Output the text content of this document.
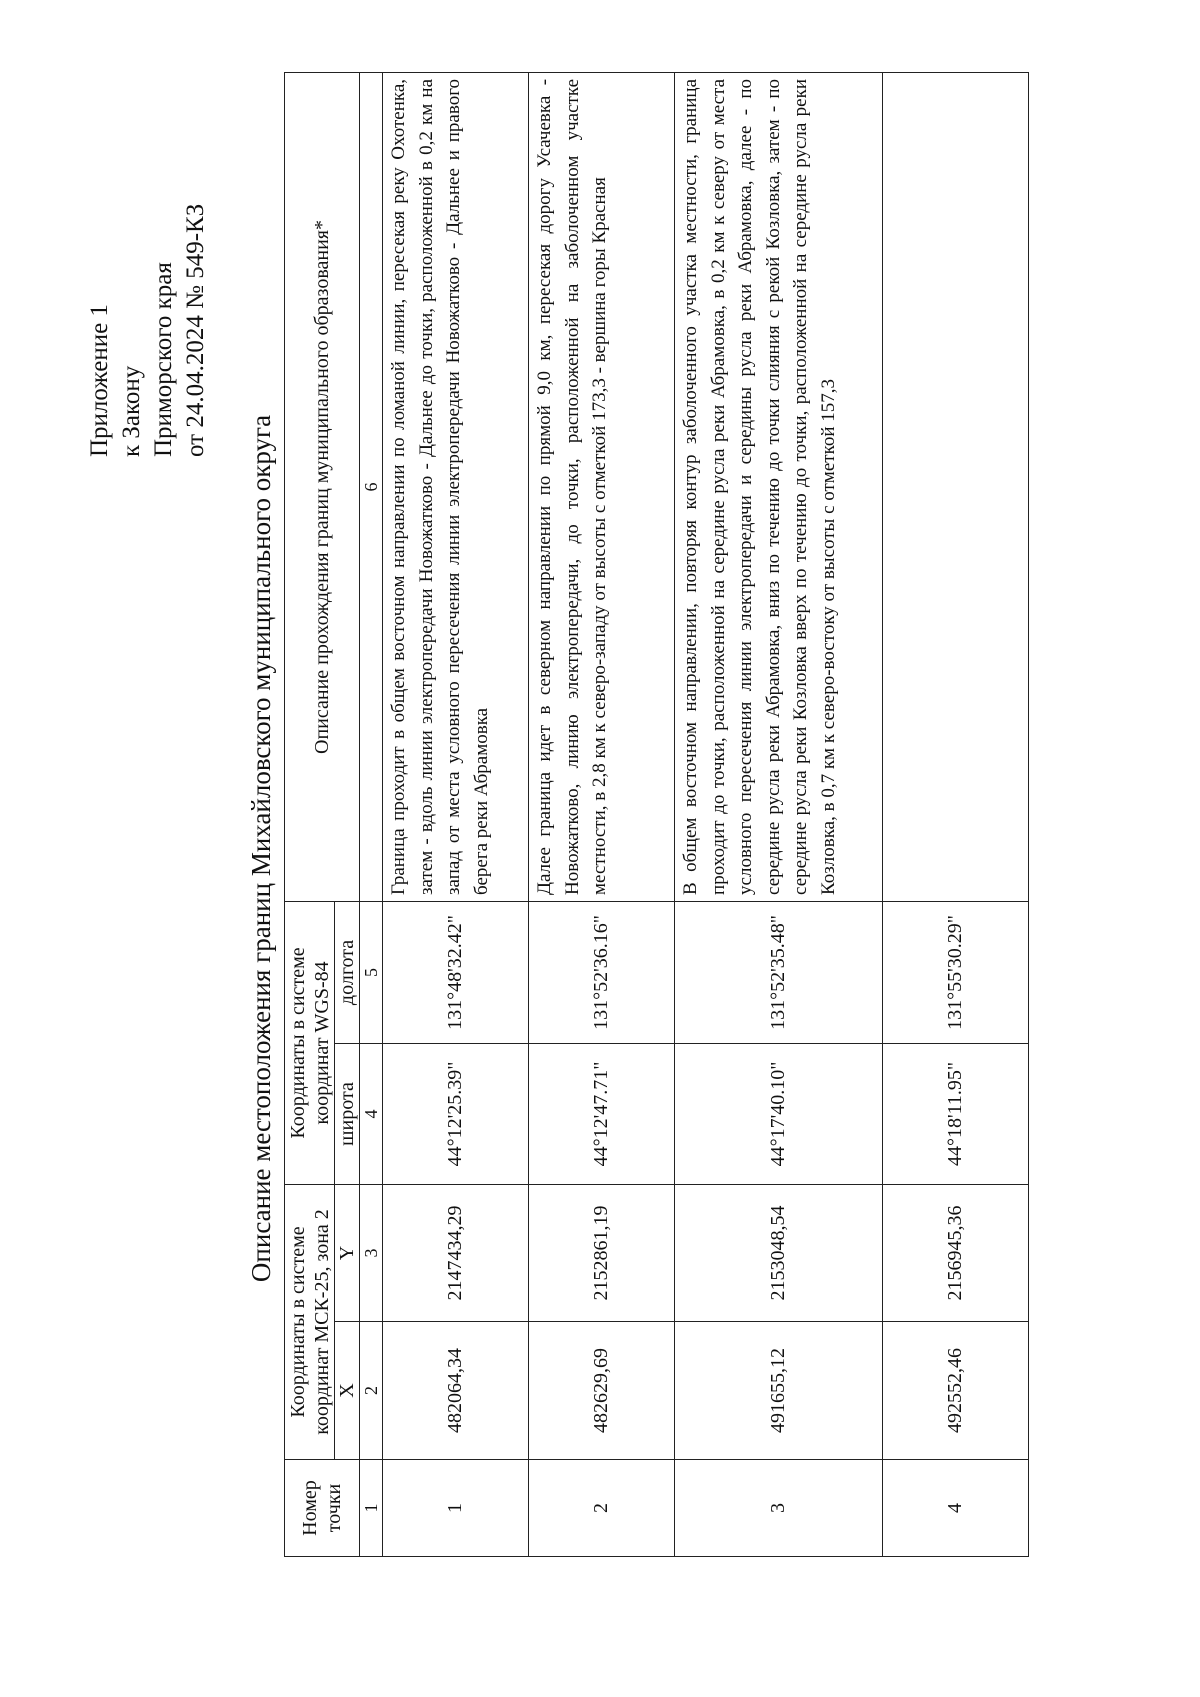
Приложение 1 к Закону Приморского края от 24.04.2024 № 549-КЗ
Описание местоположения границ Михайловского муниципального округа
Номер точки	Координаты в системе координат МСК-25, зона 2		Координаты в системе координат WGS-84		Описание прохождения границ муниципального образования*
	X	Y	широта	долгота	
1	2	3	4	5	6
1	482064,34	2147434,29	44°12'25.39"	131°48'32.42"	Граница проходит в общем восточном направлении по ломаной линии, пересекая реку Охотенка, затем - вдоль линии электропередачи Новожатково - Дальнее до точки, расположенной в 0,2 км на запад от места условного пересечения линии электропередачи Новожатково - Дальнее и правого берега реки Абрамовка
2	482629,69	2152861,19	44°12'47.71"	131°52'36.16"	Далее граница идет в северном направлении по прямой 9,0 км, пересекая дорогу Усачевка - Новожатково, линию электропередачи, до точки, расположенной на заболоченном участке местности, в 2,8 км к северо-западу от высоты с отметкой 173,3 - вершина горы Красная
3	491655,12	2153048,54	44°17'40.10"	131°52'35.48"	В общем восточном направлении, повторяя контур заболоченного участка местности, граница проходит до точки, расположенной на середине русла реки Абрамовка, в 0,2 км к северу от места условного пересечения линии электропередачи и середины русла реки Абрамовка, далее - по середине русла реки Абрамовка, вниз по течению до точки слияния с рекой Козловка, затем - по середине русла реки Козловка вверх по течению до точки, расположенной на середине русла реки Козловка, в 0,7 км к северо-востоку от высоты с отметкой 157,3
4	492552,46	2156945,36	44°18'11.95"	131°55'30.29"	
